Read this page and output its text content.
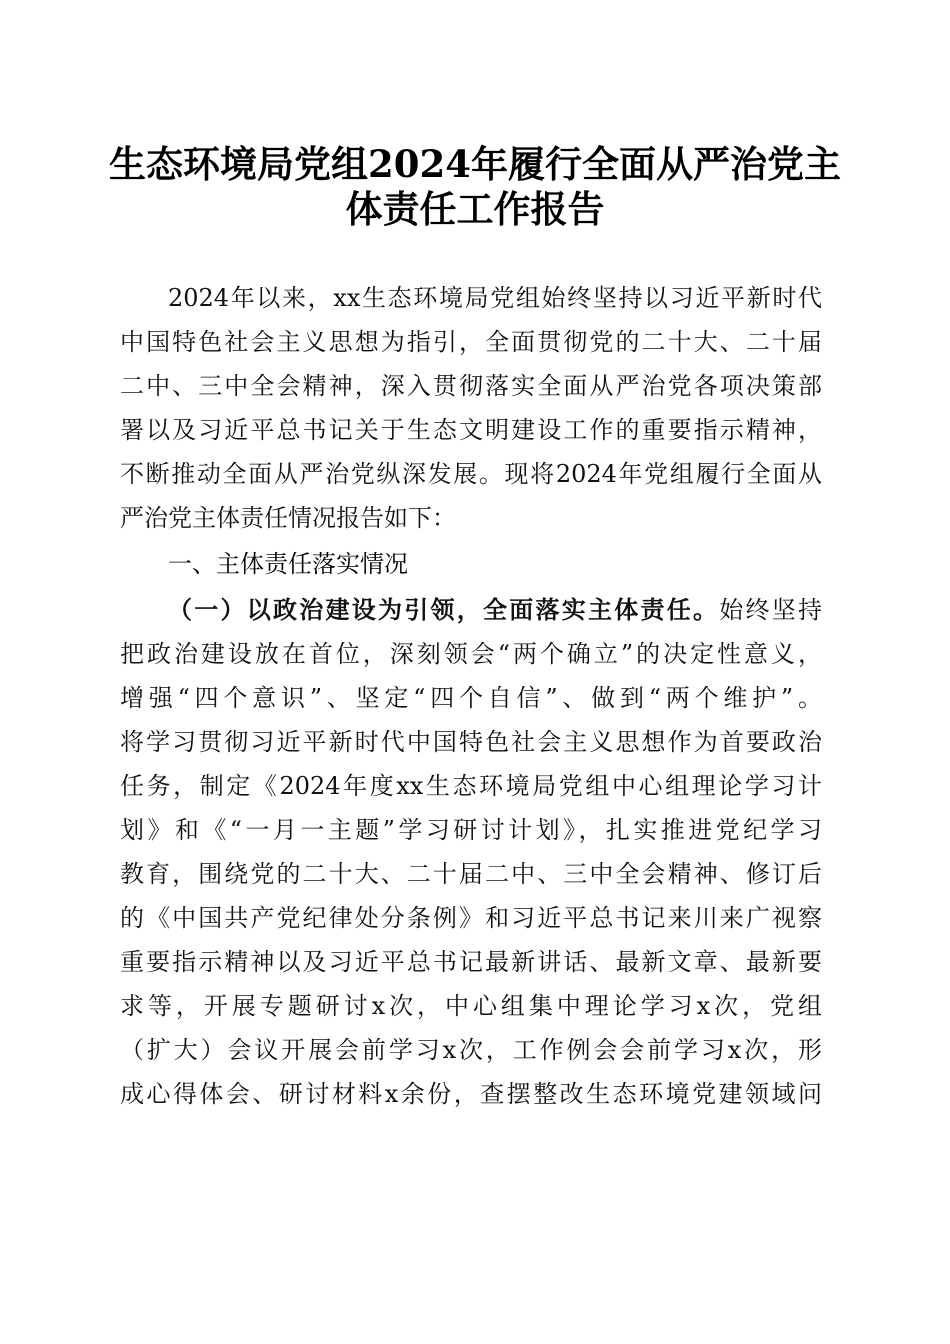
生态环境局党组2024年履行全面从严治党主
体责任工作报告
2024年以来，xx生态环境局党组始终坚持以习近平新时代
中国特色社会主义思想为指引，全面贯彻党的二十大、二十届
二中、三中全会精神，深入贯彻落实全面从严治党各项决策部
署以及习近平总书记关于生态文明建设工作的重要指示精神，
不断推动全面从严治党纵深发展。现将2024年党组履行全面从
严治党主体责任情况报告如下：
一、主体责任落实情况
（一）以政治建设为引领，全面落实主体责任。始终坚持
把政治建设放在首位，深刻领会“两个确立”的决定性意义，
增强“四个意识”、坚定“四个自信”、做到“两个维护”。
将学习贯彻习近平新时代中国特色社会主义思想作为首要政治
任务，制定《2024年度xx生态环境局党组中心组理论学习计
划》和《“一月一主题”学习研讨计划》，扎实推进党纪学习
教育，围绕党的二十大、二十届二中、三中全会精神、修订后
的《中国共产党纪律处分条例》和习近平总书记来川来广视察
重要指示精神以及习近平总书记最新讲话、最新文章、最新要
求等，开展专题研讨x次，中心组集中理论学习x次，党组
（扩大）会议开展会前学习x次，工作例会会前学习x次，形
成心得体会、研讨材料x余份，查摆整改生态环境党建领域问
